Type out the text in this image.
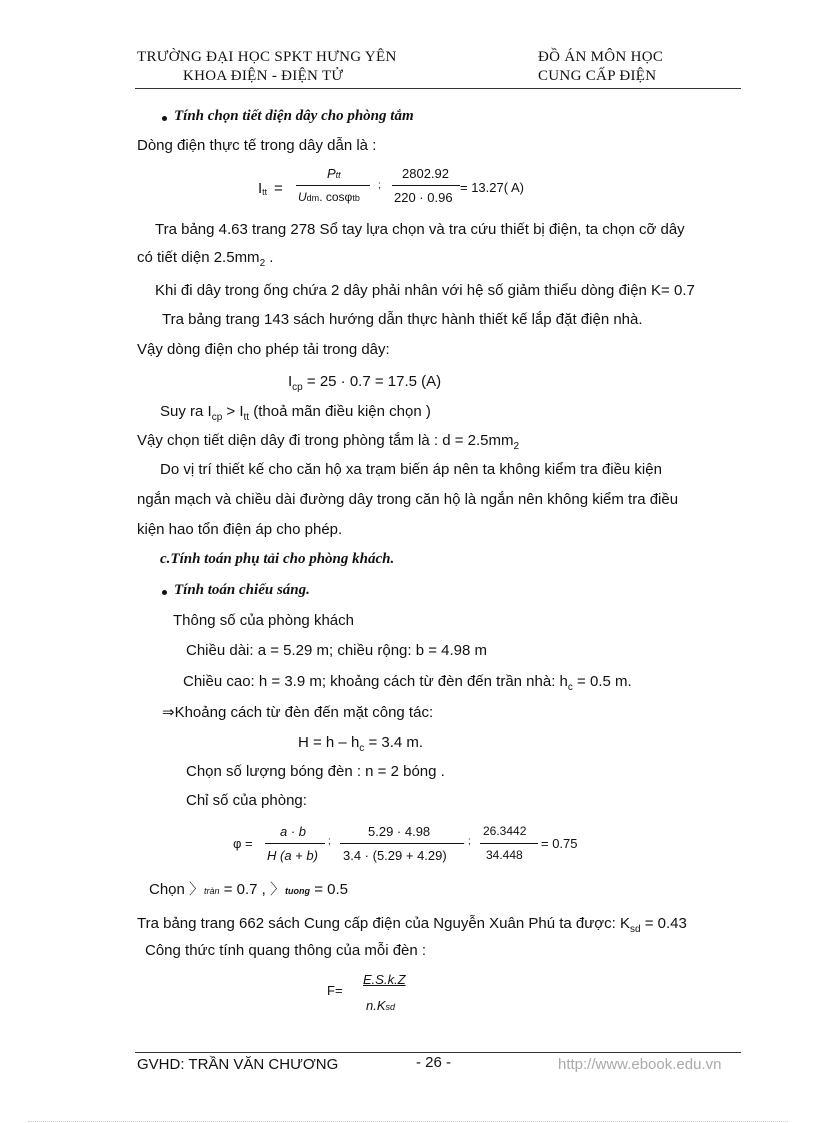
TRƯỜNG ĐẠI HỌC SPKT HƯNG YÊN
KHOA ĐIỆN - ĐIỆN TỬ
ĐỒ ÁN MÔN HỌC
CUNG CẤP ĐIỆN
Tính chọn tiết diện dây cho phòng tắm
Dòng điện thực tế trong dây dẫn là :
Itt =
Ptt
Udm. cosφtb
;
2802.92
220 · 0.96
= 13.27( A)
Tra bảng 4.63 trang 278 Sổ tay lựa chọn và tra cứu thiết bị điện, ta chọn cỡ dây
có tiết diện $2.5mm_2$ .
Khi đi dây trong ống chứa 2 dây phải nhân với hệ số giảm thiểu dòng điện K= 0.7
Tra bảng trang 143 sách hướng dẫn thực hành thiết kế lắp đặt điện nhà.
Vậy dòng điện cho phép tải trong dây:
$I_{cp} = 25 \cdot 0.7 = 17.5$ (A)
Suy ra $I_{cp} > I_{tt}$ (thoả mãn điều kiện chọn )
Vậy chọn tiết diện dây đi trong phòng tắm là : $d = 2.5mm_2$
Do vị trí thiết kế cho căn hộ xa trạm biến áp nên ta không kiểm tra điều kiện
ngắn mạch và chiều dài đường dây trong căn hộ là ngắn nên không kiểm tra điều
kiện hao tổn điện áp cho phép.
c.Tính toán phụ tải cho phòng khách.
Tính toán chiếu sáng.
Thông số của phòng khách
Chiều dài: a = 5.29 m; chiều rộng: b = 4.98 m
Chiều cao: h = 3.9 m; khoảng cách từ đèn đến trần nhà: $h_c = 0.5$ m.
⇒Khoảng cách từ đèn đến mặt công tác:
$H = h - h_c = 3.4$ m.
Chọn số lượng bóng đèn : n = 2 bóng .
Chỉ số của phòng:
φ =
a · b
H (a + b)
;
5.29 · 4.98
3.4 · (5.29 + 4.29)
;
26.3442
34.448
= 0.75
Chọn 〉tràn = 0.7 , 〉tuong = 0.5
Tra bảng trang 662 sách Cung cấp điện của Nguyễn Xuân Phú ta được: $K_{sd} = 0.43$
Công thức tính quang thông của mỗi đèn :
F=
E.S.k.Z
n.Ksd
GVHD: TRẦN VĂN CHƯƠNG	- 26 -	http://www.ebook.edu.vn
